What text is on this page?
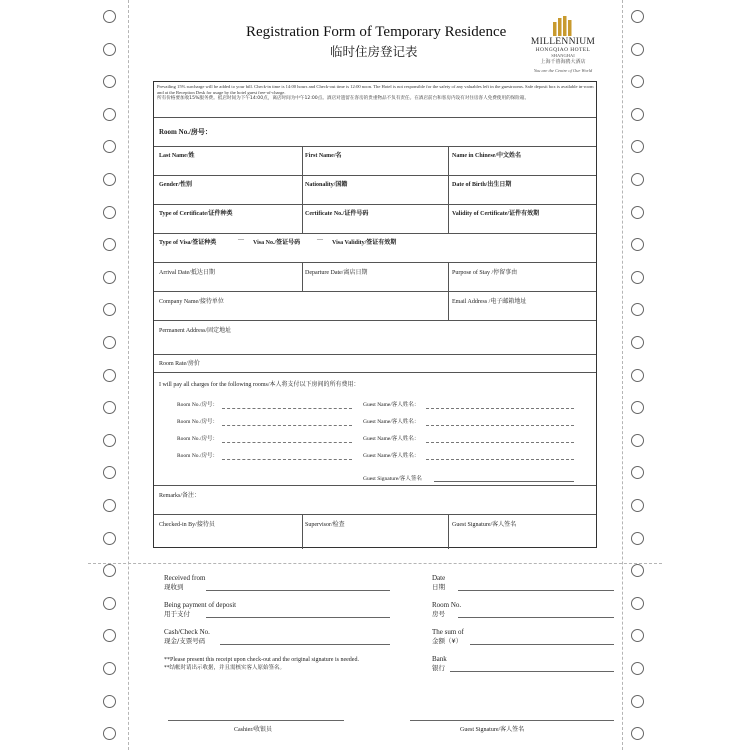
Registration Form of Temporary Residence
临时住房登记表
MILLENNIUM
HONGQIAO HOTEL
SHANGHAI
上海千禧海鸥大酒店
You are the Centre of Our World
Prevailing 15% surcharge will be added to your bill. Check-in time is 14:00 hours and Check-out time is 12:00 noon. The Hotel is not responsible for the safety of any valuables left in the guestrooms. Safe deposit box is available in-room and at the Reception Desk for usage by the hotel guest free-of-charge.
所有价格要加收15%服务费。抵店时间为下午14:00点，离店时间为中午12:00点。酒店对遗留在客房的贵重物品不负有责任。在酒店前台和客房内设有对住房客人免费使用的保险箱。
Room No./房号：
Last Name/姓	First Name/名	Name in Chinese/中文姓名
Gender/性别	Nationality/国籍	Date of Birth/出生日期
Type of Certificate/证件种类	Certificate No./证件号码	Validity of Certificate/证件有效期
Type of Visa/签证种类	— Visa No./签证号码	— Visa Validity/签证有效期
Arrival Date/抵达日期	Departure Date/离店日期	Purpose of Stay /停留事由
Company Name/接待单位	Email Address /电子邮箱地址
Permanent Address/固定地址
Room Rate/房价
I will pay all charges for the following rooms/本人将支付以下房间的所有费用：
Room No./房号：	Guest Name/客人姓名：
Room No./房号：	Guest Name/客人姓名：
Room No./房号：	Guest Name/客人姓名：
Room No./房号：	Guest Name/客人姓名：
Guest Signature/客人签名
Remarks/备注：
Checked-in By/接待员	Supervisor/检查	Guest Signature/客人签名
Received from
现收到
Date
日期
Being payment of deposit
用于支付
Room No.
房号
Cash/Check No.
现金/支票号码
The sum of
金额（¥）
**Please present this receipt upon check-out and the original signature is needed.
**结帐时请出示收据，并且需核实客人原始签名。
Bank
银行
Cashier/收银员	Guest Signature/客人签名
